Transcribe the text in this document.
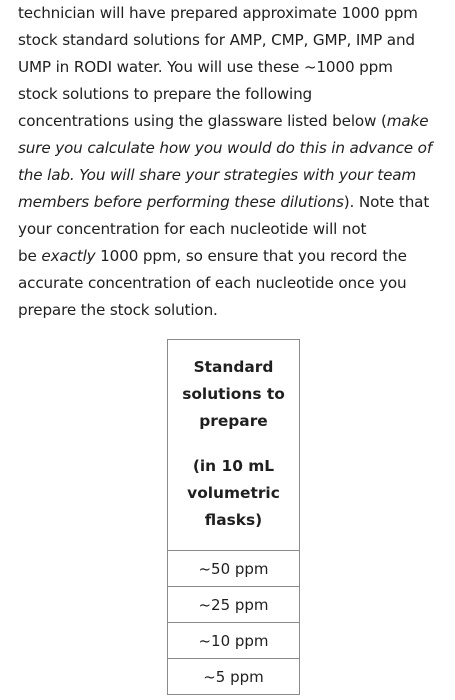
technician will have prepared approximate 1000 ppm
stock standard solutions for AMP, CMP, GMP, IMP and
UMP in RODI water. You will use these ~1000 ppm
stock solutions to prepare the following
concentrations using the glassware listed below (make
sure you calculate how you would do this in advance of
the lab. You will share your strategies with your team
members before performing these dilutions). Note that
your concentration for each nucleotide will not
be exactly 1000 ppm, so ensure that you record the
accurate concentration of each nucleotide once you
prepare the stock solution.
Standard
solutions to
prepare
(in 10 mL
volumetric
flasks)

~50 ppm
~25 ppm
~10 ppm
~5 ppm
